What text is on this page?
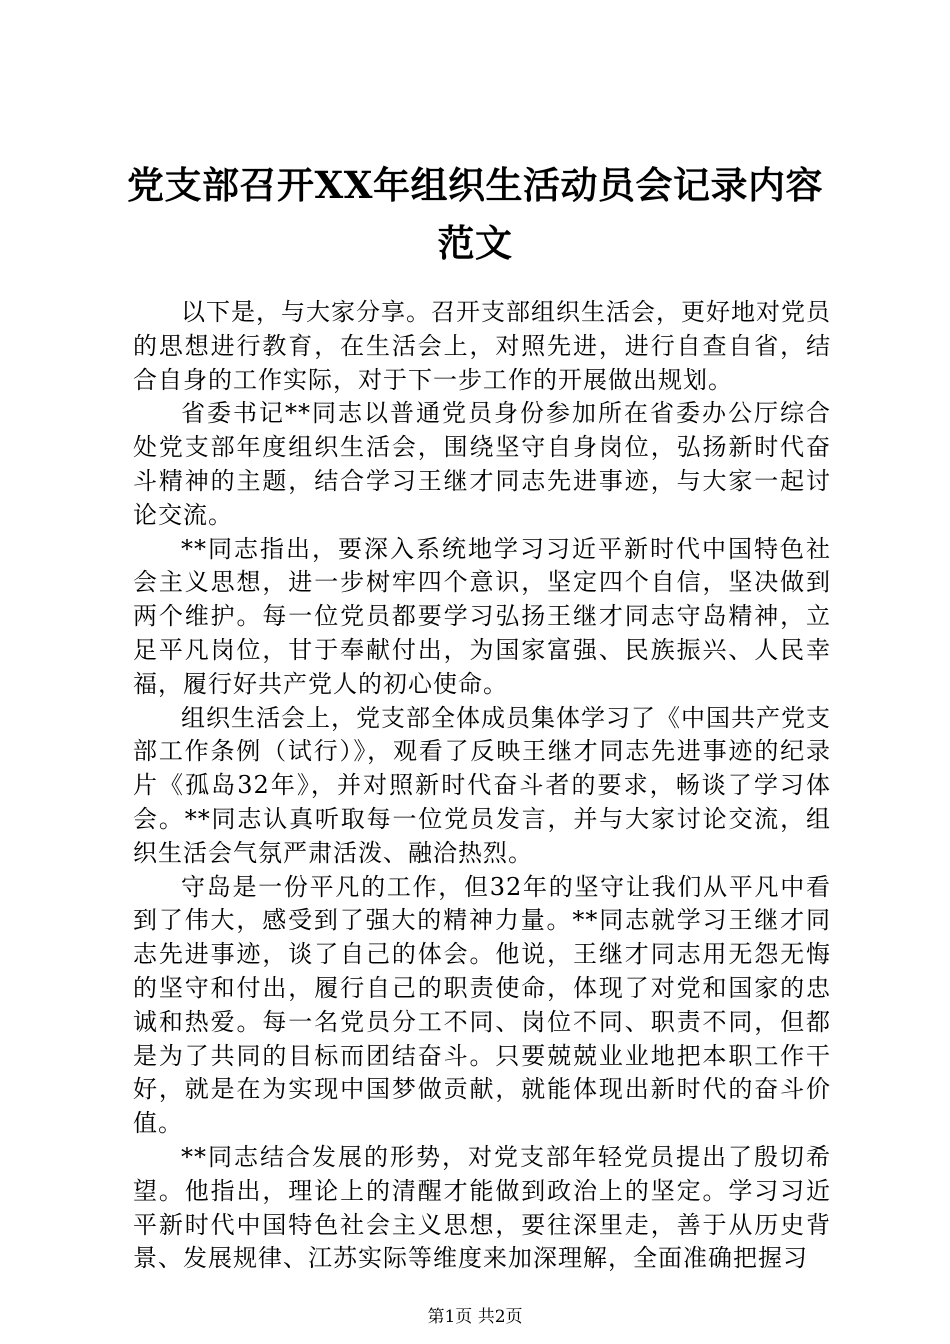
党支部召开XX年组织生活动员会记录内容范文

以下是，与大家分享。召开支部组织生活会，更好地对党员的思想进行教育，在生活会上，对照先进，进行自查自省，结合自身的工作实际，对于下一步工作的开展做出规划。

省委书记**同志以普通党员身份参加所在省委办公厅综合处党支部年度组织生活会，围绕坚守自身岗位，弘扬新时代奋斗精神的主题，结合学习王继才同志先进事迹，与大家一起讨论交流。

**同志指出，要深入系统地学习习近平新时代中国特色社会主义思想，进一步树牢四个意识，坚定四个自信，坚决做到两个维护。每一位党员都要学习弘扬王继才同志守岛精神，立足平凡岗位，甘于奉献付出，为国家富强、民族振兴、人民幸福，履行好共产党人的初心使命。

组织生活会上，党支部全体成员集体学习了《中国共产党支部工作条例（试行）》，观看了反映王继才同志先进事迹的纪录片《孤岛32年》，并对照新时代奋斗者的要求，畅谈了学习体会。**同志认真听取每一位党员发言，并与大家讨论交流，组织生活会气氛严肃活泼、融洽热烈。

守岛是一份平凡的工作，但32年的坚守让我们从平凡中看到了伟大，感受到了强大的精神力量。**同志就学习王继才同志先进事迹，谈了自己的体会。他说，王继才同志用无怨无悔的坚守和付出，履行自己的职责使命，体现了对党和国家的忠诚和热爱。每一名党员分工不同、岗位不同、职责不同，但都是为了共同的目标而团结奋斗。只要兢兢业业地把本职工作干好，就是在为实现中国梦做贡献，就能体现出新时代的奋斗价值。

**同志结合发展的形势，对党支部年轻党员提出了殷切希望。他指出，理论上的清醒才能做到政治上的坚定。学习习近平新时代中国特色社会主义思想，要往深里走，善于从历史背景、发展规律、江苏实际等维度来加深理解，全面准确把握习

第1页 共2页
